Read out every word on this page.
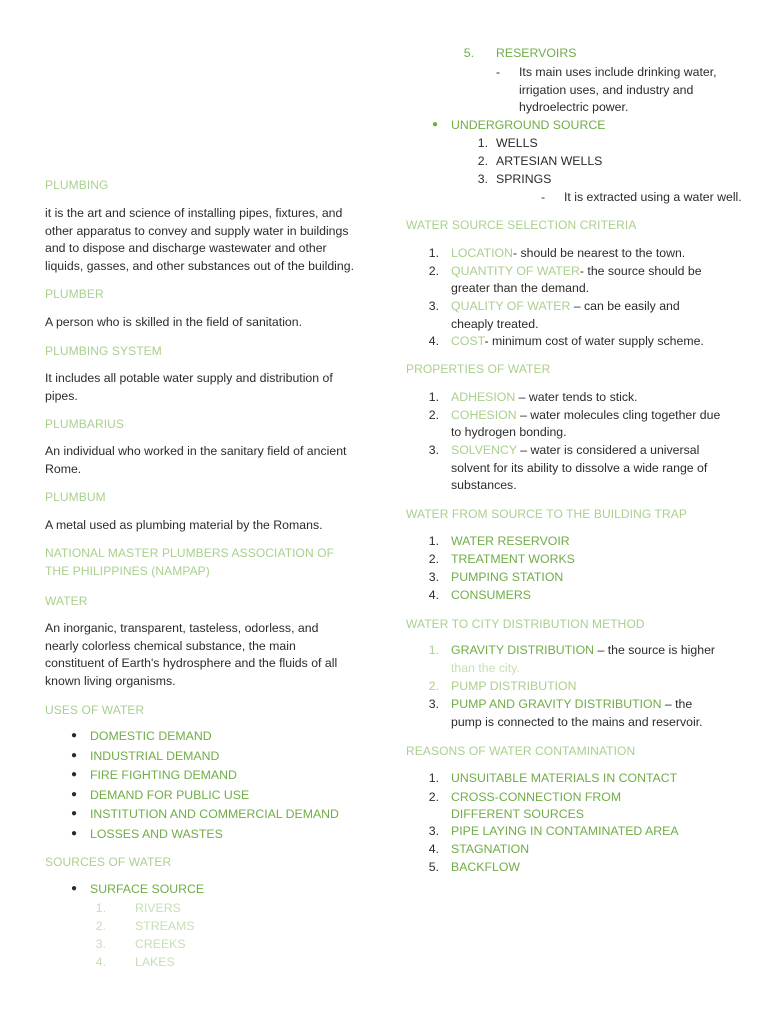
PLUMBING

it is the art and science of installing pipes, fixtures, and other apparatus to convey and supply water in buildings and to dispose and discharge wastewater and other liquids, gasses, and other substances out of the building.

PLUMBER

A person who is skilled in the field of sanitation.

PLUMBING SYSTEM

It includes all potable water supply and distribution of pipes.

PLUMBARIUS

An individual who worked in the sanitary field of ancient Rome.

PLUMBUM

A metal used as plumbing material by the Romans.

NATIONAL MASTER PLUMBERS ASSOCIATION OF THE PHILIPPINES (NAMPAP)

WATER

An inorganic, transparent, tasteless, odorless, and nearly colorless chemical substance, the main constituent of Earth's hydrosphere and the fluids of all known living organisms.

USES OF WATER

● DOMESTIC DEMAND
● INDUSTRIAL DEMAND
● FIRE FIGHTING DEMAND
● DEMAND FOR PUBLIC USE
● INSTITUTION AND COMMERCIAL DEMAND
● LOSSES AND WASTES

SOURCES OF WATER

● SURFACE SOURCE
1. RIVERS
2. STREAMS
3. CREEKS
4. LAKES
5. RESERVOIRS
- Its main uses include drinking water, irrigation uses, and industry and hydroelectric power.

● UNDERGROUND SOURCE
1. WELLS
2. ARTESIAN WELLS
3. SPRINGS
- It is extracted using a water well.

WATER SOURCE SELECTION CRITERIA

1. LOCATION- should be nearest to the town.
2. QUANTITY OF WATER- the source should be greater than the demand.
3. QUALITY OF WATER – can be easily and cheaply treated.
4. COST- minimum cost of water supply scheme.

PROPERTIES OF WATER

1. ADHESION – water tends to stick.
2. COHESION – water molecules cling together due to hydrogen bonding.
3. SOLVENCY – water is considered a universal solvent for its ability to dissolve a wide range of substances.

WATER FROM SOURCE TO THE BUILDING TRAP

1. WATER RESERVOIR
2. TREATMENT WORKS
3. PUMPING STATION
4. CONSUMERS

WATER TO CITY DISTRIBUTION METHOD

1. GRAVITY DISTRIBUTION – the source is higher
than the city.
2. PUMP DISTRIBUTION
3. PUMP AND GRAVITY DISTRIBUTION – the pump is connected to the mains and reservoir.

REASONS OF WATER CONTAMINATION

1. UNSUITABLE MATERIALS IN CONTACT
2. CROSS-CONNECTION FROM DIFFERENT SOURCES
3. PIPE LAYING IN CONTAMINATED AREA
4. STAGNATION
5. BACKFLOW
